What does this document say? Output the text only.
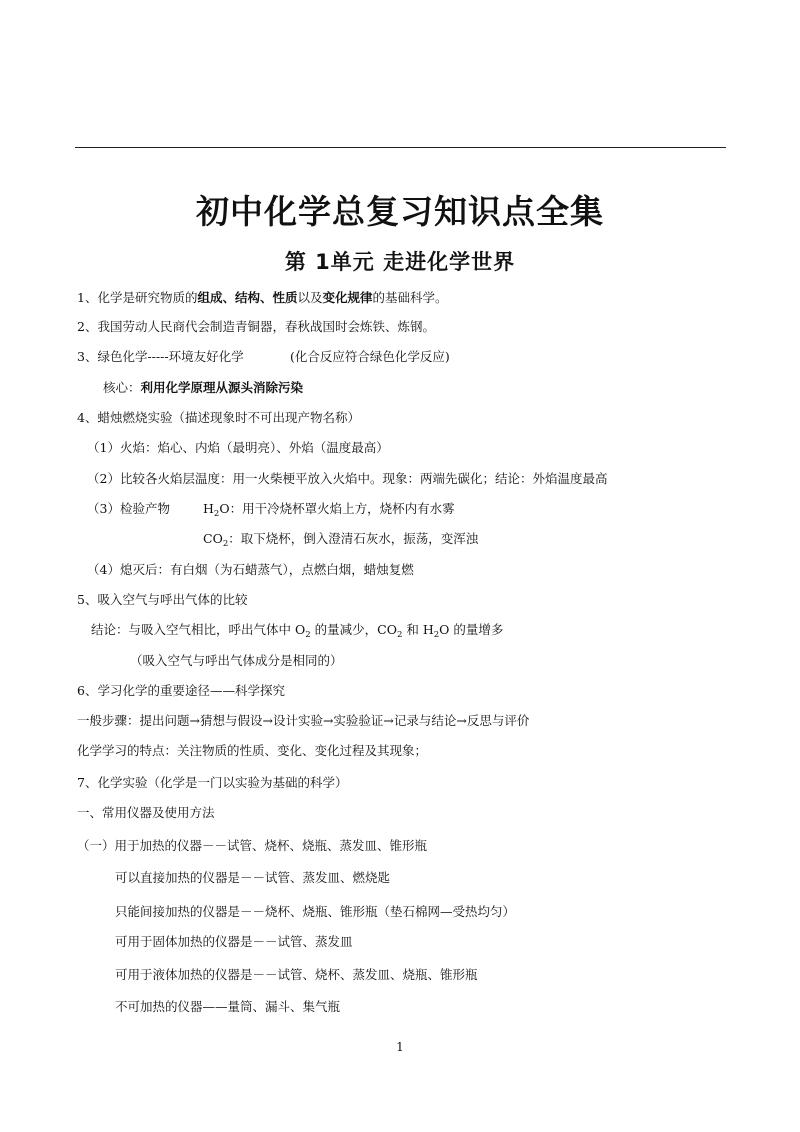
初中化学总复习知识点全集
第 1单元 走进化学世界
1、化学是研究物质的组成、结构、性质以及变化规律的基础科学。
2、我国劳动人民商代会制造青铜器，春秋战国时会炼铁、炼钢。
3、绿色化学-----环境友好化学	(化合反应符合绿色化学反应)
核心：利用化学原理从源头消除污染
4、蜡烛燃烧实验（描述现象时不可出现产物名称）
（1）火焰：焰心、内焰（最明亮）、外焰（温度最高）
（2）比较各火焰层温度：用一火柴梗平放入火焰中。现象：两端先碳化；结论：外焰温度最高
（3）检验产物	$H_2O$：用干冷烧杯罩火焰上方，烧杯内有水雾
$CO_2$：取下烧杯，倒入澄清石灰水，振荡，变浑浊
（4）熄灭后：有白烟（为石蜡蒸气），点燃白烟，蜡烛复燃
5、吸入空气与呼出气体的比较
结论：与吸入空气相比，呼出气体中 $O_2$ 的量减少，$CO_2$ 和 $H_2O$ 的量增多
（吸入空气与呼出气体成分是相同的）
6、学习化学的重要途径——科学探究
一般步骤：提出问题→猜想与假设→设计实验→实验验证→记录与结论→反思与评价
化学学习的特点：关注物质的性质、变化、变化过程及其现象；
7、化学实验（化学是一门以实验为基础的科学）
一、常用仪器及使用方法
（一）用于加热的仪器－－试管、烧杯、烧瓶、蒸发皿、锥形瓶
可以直接加热的仪器是－－试管、蒸发皿、燃烧匙
只能间接加热的仪器是－－烧杯、烧瓶、锥形瓶（垫石棉网—受热均匀）
可用于固体加热的仪器是－－试管、蒸发皿
可用于液体加热的仪器是－－试管、烧杯、蒸发皿、烧瓶、锥形瓶
不可加热的仪器——量筒、漏斗、集气瓶
1
